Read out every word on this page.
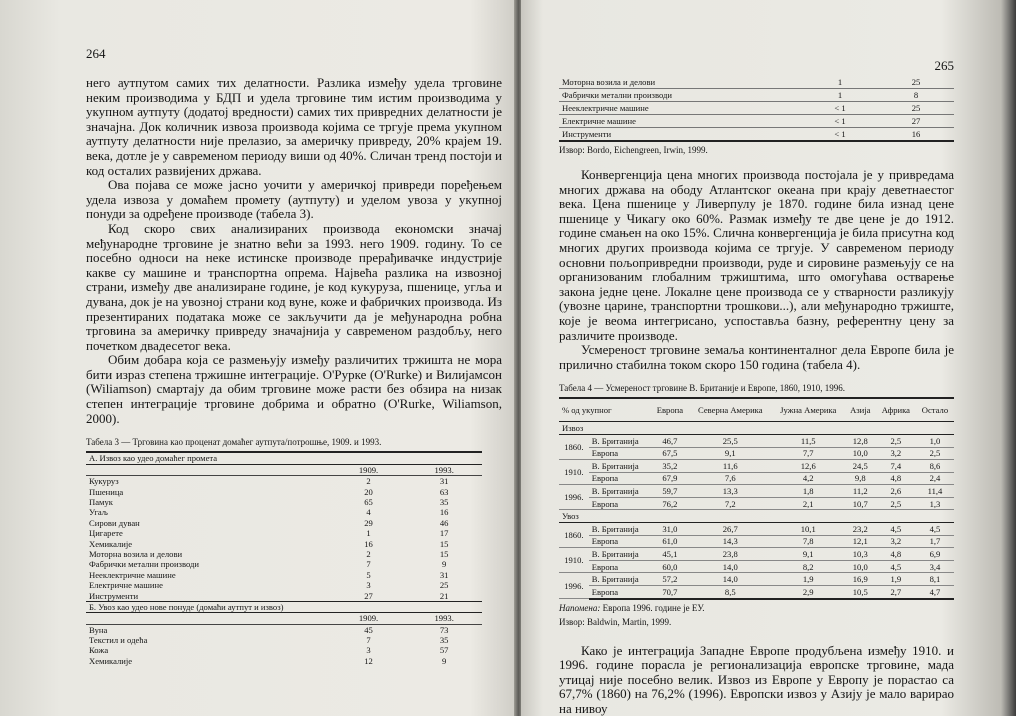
264

него аутпутом самих тих делатности. Разлика између удела трговине неким производима у БДП и удела трговине тим истим производима у укупном аутпуту (додатој вредности) самих тих привредних делатности је значајна. Док количник извоза производа којима се тргује према укупном аутпуту делатности није прелазио, за америчку привреду, 20% крајем 19. века, дотле је у савременом периоду виши од 40%. Сличан тренд постоји и код осталих развијених држава.

Ова појава се може јасно уочити у америчкој привреди поређењем удела извоза у домаћем промету (аутпуту) и уделом увоза у укупној понуди за одређене производе (табела 3).

Код скоро свих анализираних производа економски значај међународне трговине је знатно већи за 1993. него 1909. годину. То се посебно односи на неке истинске производе прерађивачке индустрије какве су машине и транспортна опрема. Највећа разлика на извозној страни, између две анализиране године, је код кукуруза, пшенице, угља и дувана, док је на увозној страни код вуне, коже и фабричких производа. Из презентираних података може се закључити да је међународна робна трговина за америчку привреду значајнија у савременом раздобљу, него почетком двадесетог века.

Обим добара која се размењују између различитих тржишта не мора бити израз степена тржишне интеграције. О'Рурке (O'Rurke) и Вилијамсон (Wiliamson) смартају да обим трговине може расти без обзира на низак степен интеграције трговине добрима и обратно (O'Rurke, Wiliamson, 2000).

Табела 3 — Трговина као проценат домаћег аутпута/потрошње, 1909. и 1993.

А. Извоз као удео домаћег промета		
	1909.	1993.
Кукуруз	2	31
Пшеница	20	63
Памук	65	35
Угаљ	4	16
Сирови дуван	29	46
Цигарете	1	17
Хемикалије	16	15
Моторна возила и делови	2	15
Фабрички метални производи	7	9
Нееклектричне машине	5	31
Електричне машине	3	25
Инструменти	27	21
Б. Увоз као удео нове понуде (домаћи аутпут и извоз)		
	1909.	1993.
Вуна	45	73
Текстил и одећа	7	35
Кожа	3	57
Хемикалије	12	9

265

Моторна возила и делови	1	25
Фабрички метални производи	1	8
Нееклектричне машине	< 1	25
Електричне машине	< 1	27
Инструменти	< 1	16

Извор: Bordo, Eichengreen, Irwin, 1999.

Конвергенција цена многих производа постојала је у привредама многих држава на ободу Атлантског океана при крају деветнаестог века. Цена пшенице у Ливерпулу је 1870. године била изнад цене пшенице у Чикагу око 60%. Размак између те две цене је до 1912. године смањен на око 15%. Слична конвергенција је била присутна код многих других производа којима се тргује. У савременом периоду основни пољопривредни производи, руде и сировине размењују се на организованим глобалним тржиштима, што омогућава остварење закона једне цене. Локалне цене производа се у стварности разликују (увозне царине, транспортни трошкови...), али међународно тржиште, које је веома интегрисано, успоставља базну, референтну цену за различите производе.

Усмереност трговине земаља континенталног дела Европе била је прилично стабилна током скоро 150 година (табела 4).

Табела 4 — Усмереност трговине В. Британије и Европе, 1860, 1910, 1996.

% од укупног		Европа	Северна Америка	Јужна Америка	Азија	Африка	Остало
Извоз							
1860.	В. Британија	46,7	25,5	11,5	12,8	2,5	1,0
	Европа	67,5	9,1	7,7	10,0	3,2	2,5
1910.	В. Британија	35,2	11,6	12,6	24,5	7,4	8,6
	Европа	67,9	7,6	4,2	9,8	4,8	2,4
1996.	В. Британија	59,7	13,3	1,8	11,2	2,6	11,4
	Европа	76,2	7,2	2,1	10,7	2,5	1,3
Увоз							
1860.	В. Британија	31,0	26,7	10,1	23,2	4,5	4,5
	Европа	61,0	14,3	7,8	12,1	3,2	1,7
1910.	В. Британија	45,1	23,8	9,1	10,3	4,8	6,9
	Европа	60,0	14,0	8,2	10,0	4,5	3,4
1996.	В. Британија	57,2	14,0	1,9	16,9	1,9	8,1
	Европа	70,7	8,5	2,9	10,5	2,7	4,7

Напомена: Европа 1996. године је ЕУ.

Извор: Baldwin, Martin, 1999.

Како је интеграција Западне Европе продубљена између 1910. и 1996. године порасла је регионализација европске трговине, мада утицај није посебно велик. Извоз из Европе у Европу је порастао са 67,7% (1860) на 76,2% (1996). Европски извоз у Азију је мало варирао на нивоу
